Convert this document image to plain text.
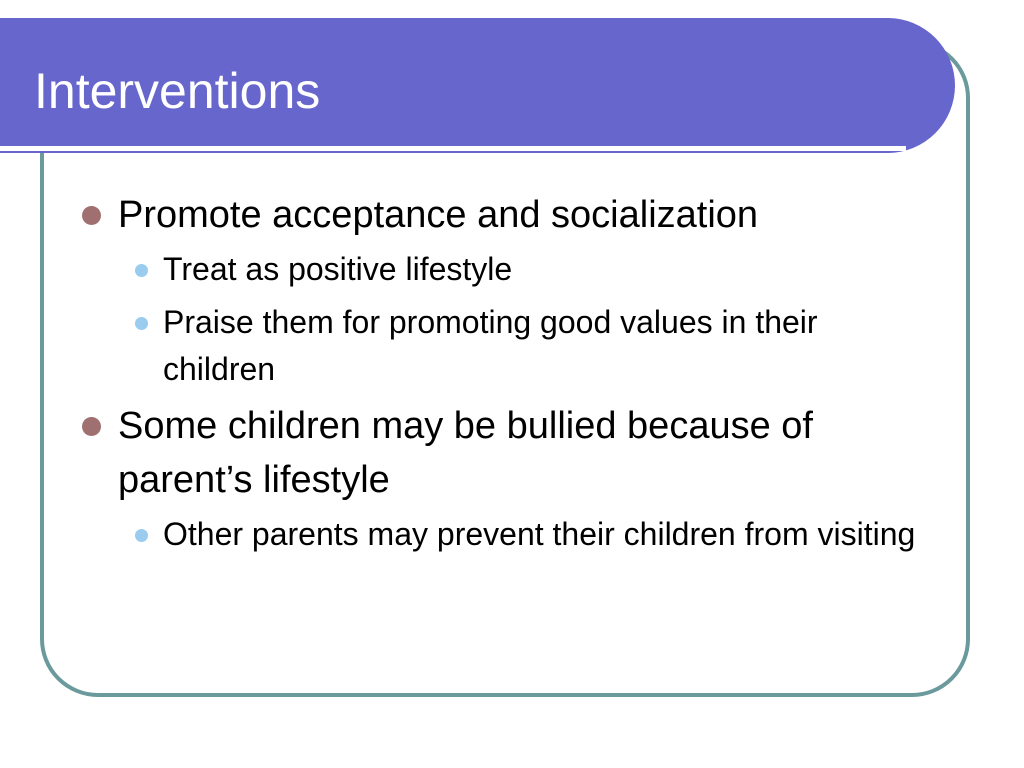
Interventions
Promote acceptance and socialization
Treat as positive lifestyle
Praise them for promoting good values in their children
Some children may be bullied because of parent’s lifestyle
Other parents may prevent their children from visiting
